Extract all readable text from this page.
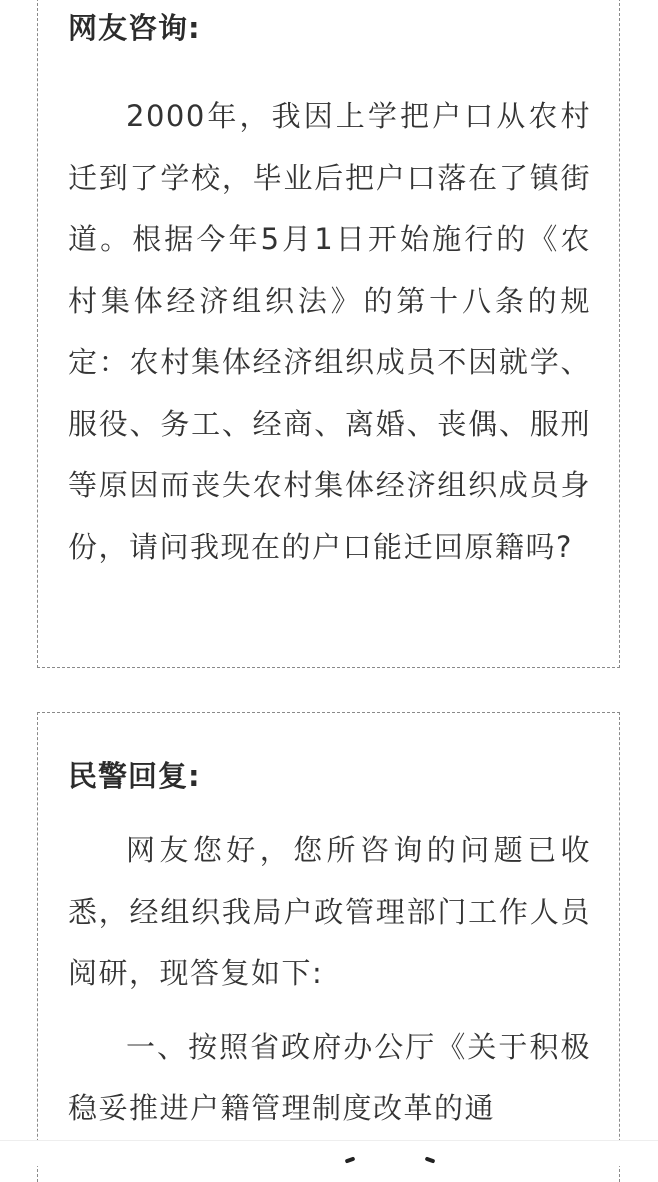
网友咨询:

2000年，我因上学把户口从农村迁到了学校，毕业后把户口落在了镇街道。根据今年5月1日开始施行的《农村集体经济组织法》的第十八条的规定：农村集体经济组织成员不因就学、服役、务工、经商、离婚、丧偶、服刑等原因而丧失农村集体经济组织成员身份，请问我现在的户口能迁回原籍吗?

民警回复:

网友您好，您所咨询的问题已收悉，经组织我局户政管理部门工作人员阅研，现答复如下:

一、按照省政府办公厅《关于积极稳妥推进户籍管理制度改革的通
